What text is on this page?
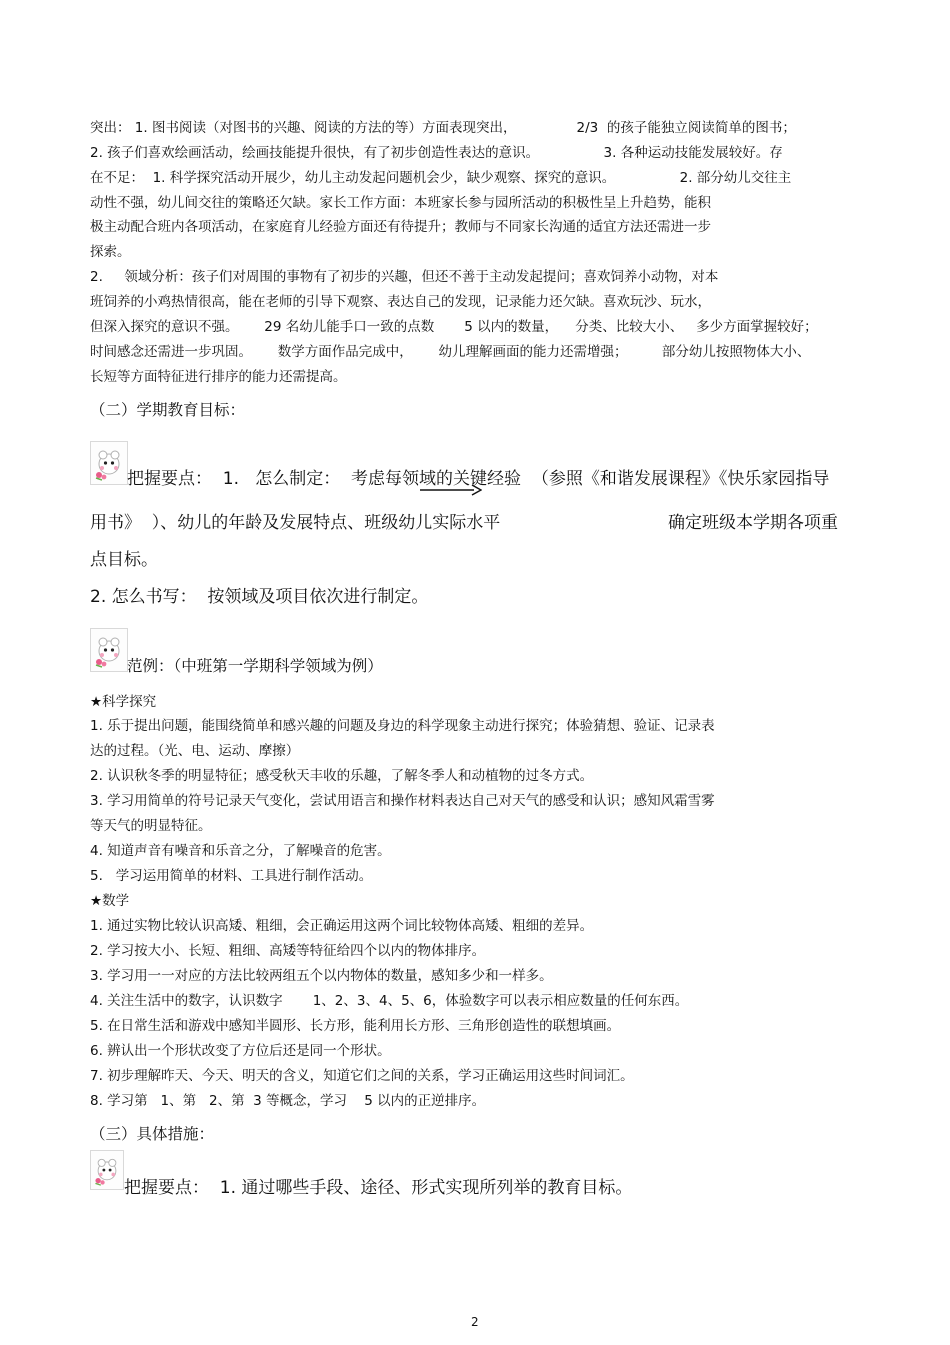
突出： 1. 图书阅读（对图书的兴趣、阅读的方法的等）方面表现突出，              2/3  的孩子能独立阅读简单的图书；
2. 孩子们喜欢绘画活动，绘画技能提升很快，有了初步创造性表达的意识。               3. 各种运动技能发展较好。存
在不足：  1. 科学探究活动开展少，幼儿主动发起问题机会少，缺少观察、探究的意识。               2. 部分幼儿交往主
动性不强，幼儿间交往的策略还欠缺。家长工作方面：本班家长参与园所活动的积极性呈上升趋势，能积
极主动配合班内各项活动，在家庭育儿经验方面还有待提升；教师与不同家长沟通的适宜方法还需进一步
探索。
2.     领域分析：孩子们对周围的事物有了初步的兴趣，但还不善于主动发起提问；喜欢饲养小动物，对本
班饲养的小鸡热情很高，能在老师的引导下观察、表达自己的发现，记录能力还欠缺。喜欢玩沙、玩水，
但深入探究的意识不强。      29 名幼儿能手口一致的点数       5 以内的数量，    分类、比较大小、   多少方面掌握较好；
时间感念还需进一步巩固。      数学方面作品完成中，      幼儿理解画面的能力还需增强；        部分幼儿按照物体大小、
长短等方面特征进行排序的能力还需提高。
（二）学期教育目标：
把握要点：  1.   怎么制定：  考虑每领域的关键经验  （参照《和谐发展课程》《快乐家园指导
用书》  ）、幼儿的年龄及发展特点、班级幼儿实际水平	确定班级本学期各项重
点目标。
2. 怎么书写：  按领域及项目依次进行制定。
范例：（中班第一学期科学领域为例）
★科学探究
1. 乐于提出问题，能围绕简单和感兴趣的问题及身边的科学现象主动进行探究；体验猜想、验证、记录表
达的过程。（光、电、运动、摩擦）
2. 认识秋冬季的明显特征；感受秋天丰收的乐趣，了解冬季人和动植物的过冬方式。
3. 学习用简单的符号记录天气变化，尝试用语言和操作材料表达自己对天气的感受和认识；感知风霜雪雾
等天气的明显特征。
4. 知道声音有噪音和乐音之分，了解噪音的危害。
5.   学习运用简单的材料、工具进行制作活动。
★数学
1. 通过实物比较认识高矮、粗细，会正确运用这两个词比较物体高矮、粗细的差异。
2. 学习按大小、长短、粗细、高矮等特征给四个以内的物体排序。
3. 学习用一一对应的方法比较两组五个以内物体的数量，感知多少和一样多。
4. 关注生活中的数字，认识数字       1、2、3、4、5、6，体验数字可以表示相应数量的任何东西。
5. 在日常生活和游戏中感知半圆形、长方形，能利用长方形、三角形创造性的联想填画。
6. 辨认出一个形状改变了方位后还是同一个形状。
7. 初步理解昨天、今天、明天的含义，知道它们之间的关系，学习正确运用这些时间词汇。
8. 学习第   1、第   2、第  3 等概念，学习    5 以内的正逆排序。
（三）具体措施：
把握要点：  1. 通过哪些手段、途径、形式实现所列举的教育目标。
2
